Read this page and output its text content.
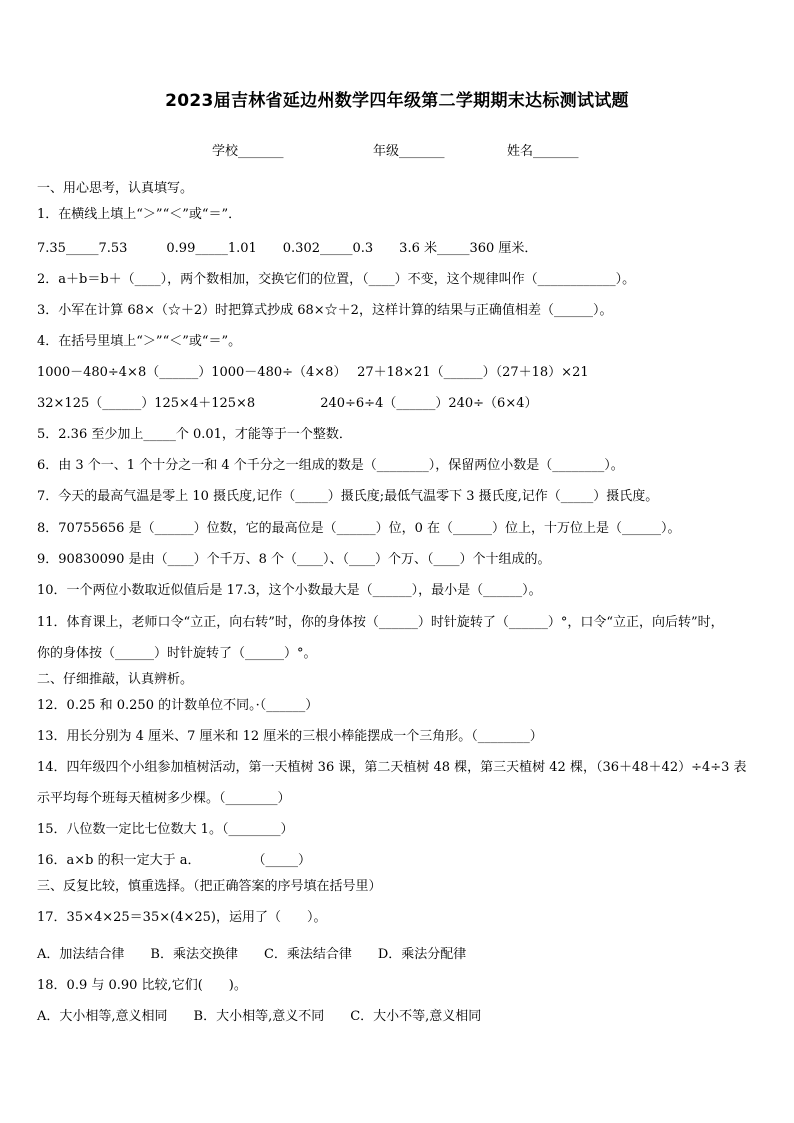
2023届吉林省延边州数学四年级第二学期期末达标测试试题
学校_______	年级_______	姓名_______
一、用心思考，认真填写。
1．在横线上填上“＞”“＜”或“＝”．
7.35_____7.53　　　0.99_____1.01　　0.302_____0.3　　3.6 米_____360 厘米．
2．a＋b＝b＋（____），两个数相加，交换它们的位置，（____）不变，这个规律叫作（____________）。
3．小军在计算 68×（☆＋2）时把算式抄成 68×☆＋2，这样计算的结果与正确值相差（______）。
4．在括号里填上“＞”“＜”或“＝”。
1000－480÷4×8（______）1000－480÷（4×8）　 27＋18×21（______）（27＋18）×21
32×125（______）125×4＋125×8　　　　　240÷6÷4（______）240÷（6×4）
5．2.36 至少加上_____个 0.01，才能等于一个整数．
6．由 3 个一、1 个十分之一和 4 个千分之一组成的数是（________），保留两位小数是（________）。
7．今天的最高气温是零上 10 摄氏度,记作（_____）摄氏度;最低气温零下 3 摄氏度,记作（_____）摄氏度。
8．70755656 是（______）位数，它的最高位是（______）位，0 在（______）位上，十万位上是（______）。
9．90830090 是由（____）个千万、8 个（____）、（____）个万、（____）个十组成的。
10．一个两位小数取近似值后是 17.3，这个小数最大是（______），最小是（______）。
11．体育课上，老师口令“立正，向右转”时，你的身体按（______）时针旋转了（______）°，口令“立正，向后转”时，
你的身体按（______）时针旋转了（______）°。
二、仔细推敲，认真辨析。
12．0.25 和 0.250 的计数单位不同。·（______）
13．用长分别为 4 厘米、7 厘米和 12 厘米的三根小棒能摆成一个三角形。（________）
14．四年级四个小组参加植树活动，第一天植树 36 课，第二天植树 48 棵，第三天植树 42 棵，（36＋48＋42）÷4÷3 表
示平均每个班每天植树多少棵。（________）
15．八位数一定比七位数大 1。（________）
16．a×b 的积一定大于 a．　　　　　（_____）
三、反复比较，慎重选择。（把正确答案的序号填在括号里）
17．35×4×25＝35×(4×25)，运用了（　　）。
A．加法结合律　　B．乘法交换律　　C．乘法结合律　　D．乘法分配律
18．0.9 与 0.90 比较,它们(　　)。
A．大小相等,意义相同　　B．大小相等,意义不同　　C．大小不等,意义相同
